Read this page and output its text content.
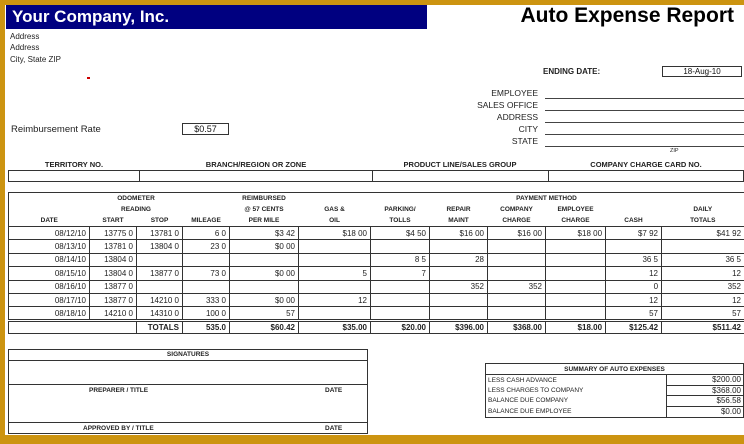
Your Company, Inc.
Address
Address
City, State ZIP
Auto Expense Report
ENDING DATE:	18-Aug-10
EMPLOYEE
SALES OFFICE
ADDRESS
CITY
STATE
ZIP
Reimbursement Rate	$0.57
TERRITORY NO.	BRANCH/REGION OR ZONE	PRODUCT LINE/SALES GROUP	COMPANY CHARGE CARD NO.
	ODOMETER			REIMBURSED				PAYMENT METHOD			
	READING			@ 57 CENTS	GAS &	PARKING/	REPAIR	COMPANY	EMPLOYEE		DAILY
DATE	START	STOP	MILEAGE	PER MILE	OIL	TOLLS	MAINT	CHARGE	CHARGE	CASH	TOTALS
08/12/10	13775 0	13781 0	6 0	$3 42	$18 00	$4 50	$16 00	$16 00	$18 00	$7 92	$41 92
08/13/10	13781 0	13804 0	23 0	$0 00							
08/14/10	13804 0					8 5	28			36 5	36 5
08/15/10	13804 0	13877 0	73 0	$0 00	5	7				12	12
08/16/10	13877 0						352	352		0	352
08/17/10	13877 0	14210 0	333 0	$0 00	12					12	12
08/18/10	14210 0	14310 0	100 0	57						57	57
		TOTALS	535.0	$60.42	$35.00	$20.00	$396.00	$368.00	$18.00	$125.42	$511.42
SIGNATURES
PREPARER / TITLE	DATE
APPROVED BY / TITLE	DATE
SUMMARY OF AUTO EXPENSES	
LESS CASH ADVANCE	$200.00
LESS CHARGES TO COMPANY	$368.00
BALANCE DUE COMPANY	$56.58
BALANCE DUE EMPLOYEE	$0.00
